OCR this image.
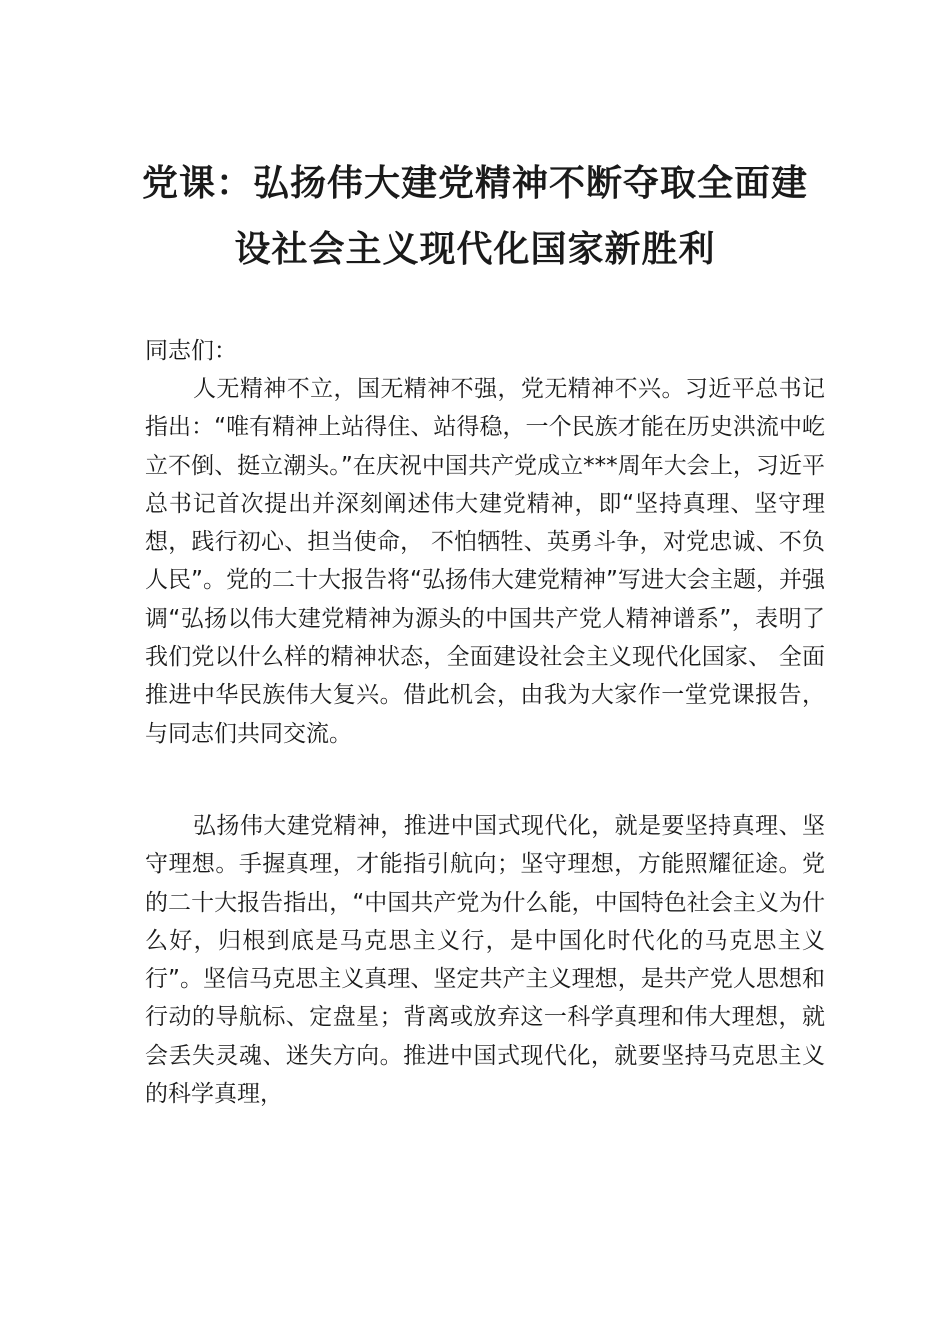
党课：弘扬伟大建党精神不断夺取全面建
设社会主义现代化国家新胜利

同志们：

人无精神不立，国无精神不强，党无精神不兴。习近平总书记指出：“唯有精神上站得住、站得稳，一个民族才能在历史洪流中屹立不倒、挺立潮头。”在庆祝中国共产党成立***周年大会上，习近平总书记首次提出并深刻阐述伟大建党精神，即“坚持真理、坚守理想，践行初心、担当使命， 不怕牺牲、英勇斗争，对党忠诚、不负人民”。党的二十大报告将“弘扬伟大建党精神”写进大会主题，并强调“弘扬以伟大建党精神为源头的中国共产党人精神谱系”，表明了我们党以什么样的精神状态，全面建设社会主义现代化国家、 全面推进中华民族伟大复兴。借此机会，由我为大家作一堂党课报告，与同志们共同交流。

弘扬伟大建党精神，推进中国式现代化，就是要坚持真理、坚守理想。手握真理，才能指引航向；坚守理想，方能照耀征途。党的二十大报告指出，“中国共产党为什么能，中国特色社会主义为什么好，归根到底是马克思主义行，是中国化时代化的马克思主义行”。坚信马克思主义真理、坚定共产主义理想，是共产党人思想和行动的导航标、定盘星；背离或放弃这一科学真理和伟大理想，就会丢失灵魂、迷失方向。推进中国式现代化，就要坚持马克思主义的科学真理，
